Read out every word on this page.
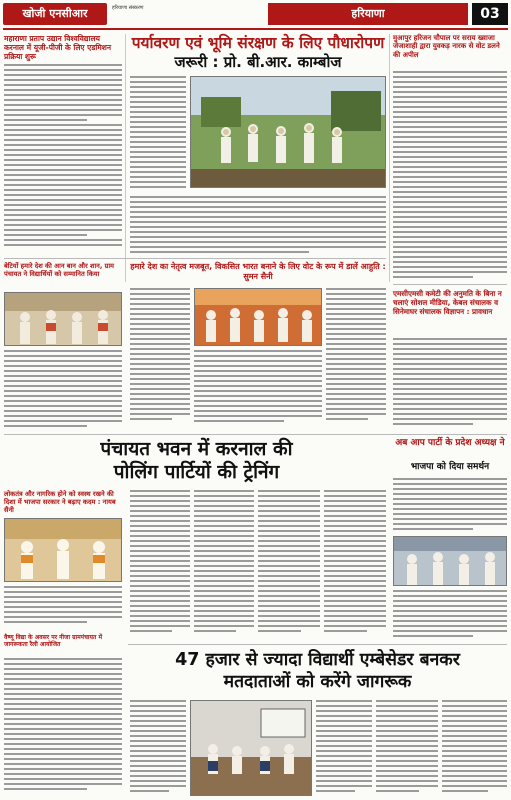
खोजी एनसीआर	हरियाणा संस्करण	हरियाणा	03
महाराणा प्रताप उद्यान विश्वविद्यालय करनाल में यूजी-पीजी के लिए एडमिशन प्रक्रिया शुरू
पर्यावरण एवं भूमि संरक्षण के लिए पौधारोपण
जरूरी : प्रो. बी.आर. काम्बोज
मुआपुर हरिजन चौपाल पर सराय ख्वाजा जेजाशाही द्वारा युवकड़ नारक से वोट डलने की अपील
बेटियों हमारे देश की आन बान और शान, ग्राम पंचायत ने विद्यार्थियों को सम्मानित किया
हमारे देश का नेतृत्व मजबूत, विकसित भारत बनाने के लिए वोट के रूप में डालें आहुति : सुमन सैनी
एमसीएमसी कमेटी की अनुमति के बिना न चलाएं सोशल मीडिया, केबल संचालक व सिनेमाघर संचालक विज्ञापन : प्रावधान
पंचायत भवन में करनाल की
पोलिंग पार्टियों की ट्रेनिंग
अब आप पार्टी के प्रदेश अध्यक्ष ने
भाजपा को दिया समर्थन
लोकतंत्र और नागरिक होने को स्वस्थ रखने की दिशा में भाजपा सरकार ने बढ़ाए कदम : नायब सैनी
वैष्णू विद्या के अवसर पर नीजा ग्रामपंचायत में जागरूकता रैली आयोजित
47 हजार से ज्यादा विद्यार्थी एम्बेसेडर बनकर
मतदाताओं को करेंगे जागरूक
